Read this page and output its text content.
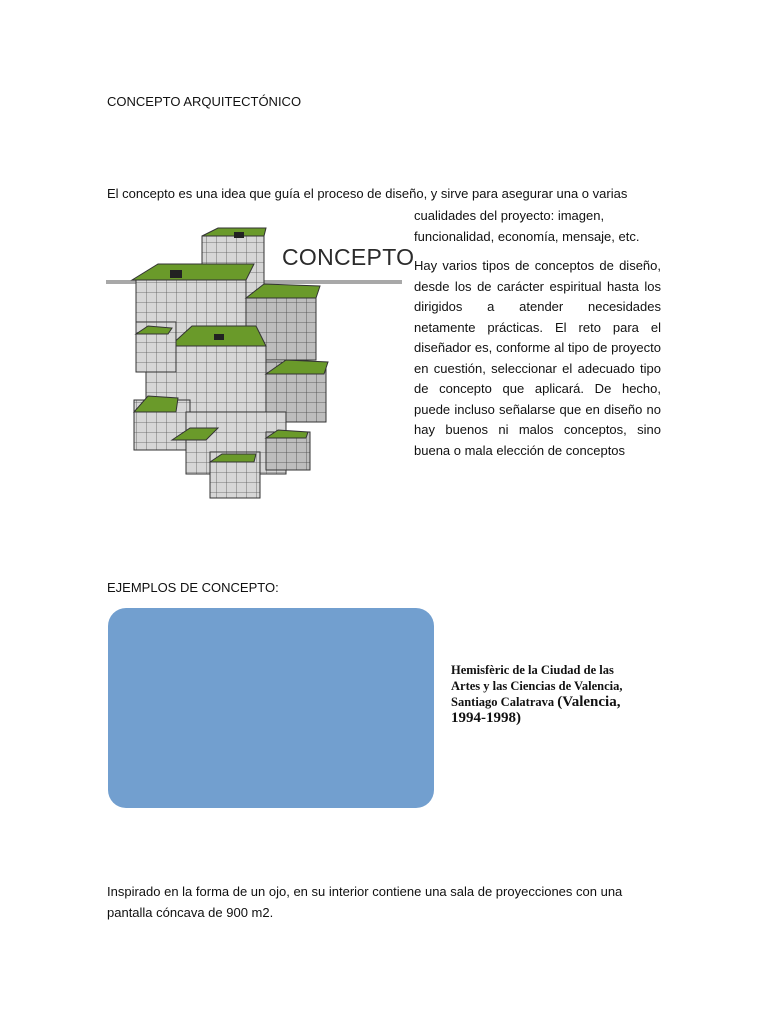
CONCEPTO ARQUITECTÓNICO
El concepto es una idea que guía el proceso de diseño, y sirve para asegurar una o varias
cualidades del proyecto: imagen, funcionalidad, economía, mensaje, etc.
CONCEPTO Hay varios tipos de conceptos de diseño, desde los de carácter espiritual hasta los dirigidos a atender necesidades netamente prácticas. El reto para el diseñador es, conforme al tipo de proyecto en cuestión, seleccionar el adecuado tipo de concepto que aplicará. De hecho, puede incluso señalarse que en diseño no hay buenos ni malos conceptos, sino buena o mala elección de conceptos
EJEMPLOS DE CONCEPTO:
Hemisfèric de la Ciudad de las Artes y las Ciencias de Valencia, Santiago Calatrava (Valencia, 1994-1998)
Inspirado en la forma de un ojo, en su interior contiene una sala de proyecciones con una pantalla cóncava de 900 m2.
